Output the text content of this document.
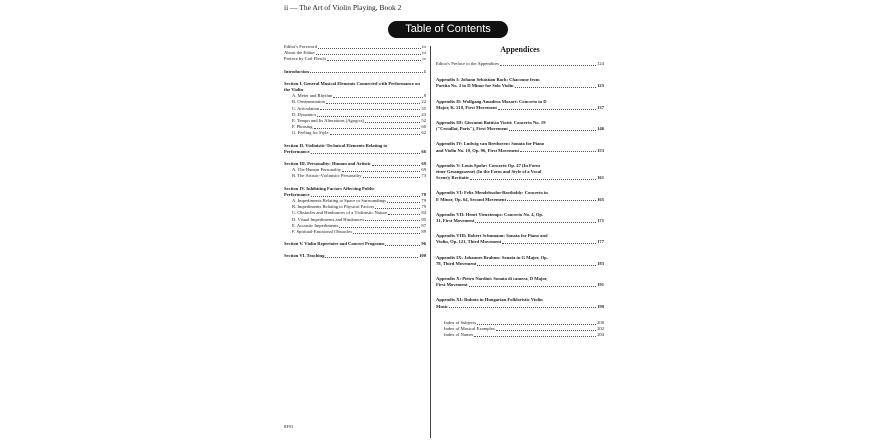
ii — The Art of Violin Playing, Book 2
Table of Contents
Editor's Foreword	iii
About the Editor	iii
Preface by Carl Flesch	iv
Introduction	1
Section I. General Musical Elements Connected with Performance on the Violin
A. Meter and Rhythm	8
B. Ornamentation	22
C. Articulation	35
D. Dynamics	43
E. Tempo and Its Alterations (Agogics)	52
F. Phrasing	60
G. Feeling for Style	62
Section II. Violinistic-Technical Elements Relating to
Performance	66
Section III. Personality: Human and Artistic	69
A. The Human Personality	69
B. The Artistic-Violinistic Personality	73
Section IV. Inhibiting Factors Affecting Public
Performance	78
A. Impediments Relating to Space or Surroundings	79
B. Impediments Relating to Physical Factors	79
C. Obstacles and Hindrances of a Violinistic Nature	84
D. Visual Impediments and Hindrances	85
E. Acoustic Impediments	87
F. Spiritual-Emotional Obstacles	89
Section V. Violin Repertoire and Concert Programs	96
Section VI. Teaching	100
Appendices
Editor's Preface to the Appendices	124
Appendix I: Johann Sebastian Bach: Chaconne from
Partita No. 2 in D Minor for Solo Violin	125
Appendix II: Wolfgang Amadeus Mozart: Concerto in D
Major, K. 218, First Movement	137
Appendix III: Giovanni Battista Viotti: Concerto No. 19
("Cestallat, Paris"), First Movement	146
Appendix IV: Ludwig van Beethoven: Sonata for Piano
and Violin No. 10, Op. 96, First Movement	153
Appendix V: Louis Spohr: Concerto Op. 47 (In Form
einer Gesangsszene) (In the Form and Style of a Vocal
Scene); Recitativ	161
Appendix VI: Felix Mendelssohn-Bartholdy: Concerto in
E Minor, Op. 64, Second Movement	165
Appendix VII: Henri Vieuxtemps: Concerto No. 4, Op.
31, First Movement	171
Appendix VIII: Robert Schumann: Sonata for Piano and
Violin, Op. 121, Third Movement	177
Appendix IX: Johannes Brahms: Sonata in G Major, Op.
78, Third Movement	183
Appendix X: Pietro Nardini: Sonata di camera, D Major,
First Movement	191
Appendix XI: Rubato in Hungarian Folkloristic Violin
Music	199
Index of Subjects	200
Index of Musical Examples	202
Index of Names	204
RF03
